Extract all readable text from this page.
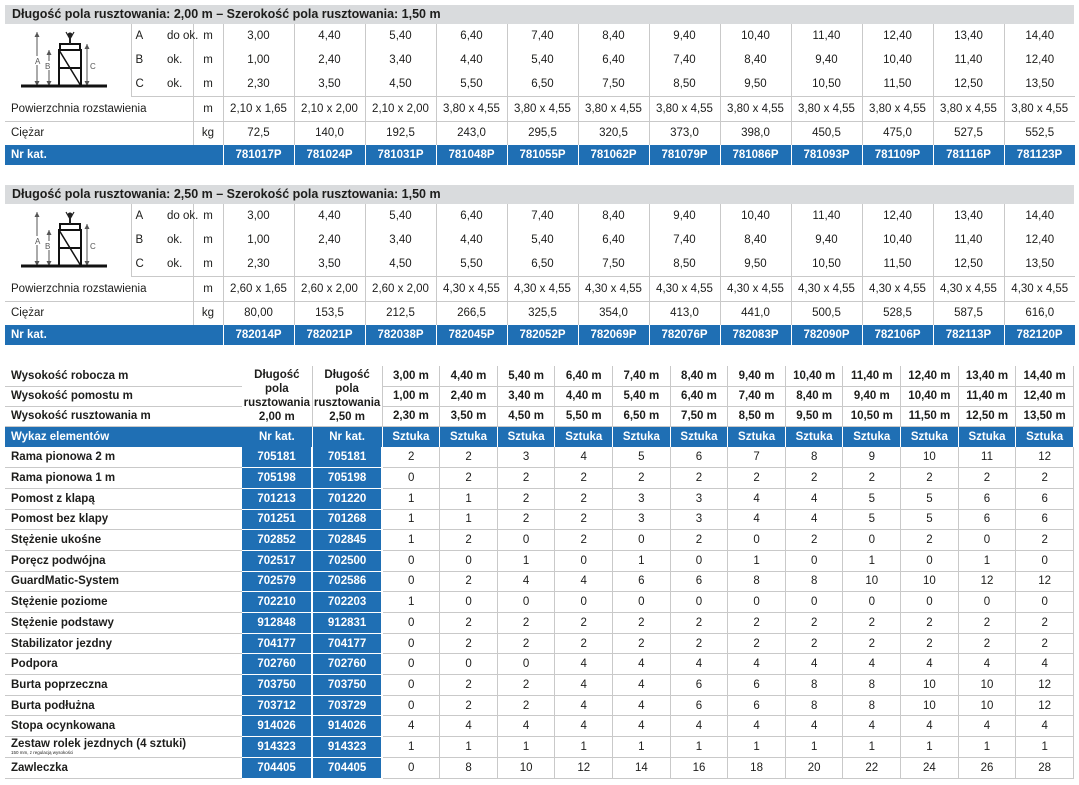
Długość pola rusztowania: 2,00 m – Szerokość pola rusztowania: 1,50 m
A
B C	A	do ok.	m	3,00	4,40	5,40	6,40	7,40	8,40	9,40	10,40	11,40	12,40	13,40	14,40
	B	ok.	m	1,00	2,40	3,40	4,40	5,40	6,40	7,40	8,40	9,40	10,40	11,40	12,40
	C	ok.	m	2,30	3,50	4,50	5,50	6,50	7,50	8,50	9,50	10,50	11,50	12,50	13,50
Powierzchnia rozstawienia			m	2,10 x 1,65	2,10 x 2,00	2,10 x 2,00	3,80 x 4,55	3,80 x 4,55	3,80 x 4,55	3,80 x 4,55	3,80 x 4,55	3,80 x 4,55	3,80 x 4,55	3,80 x 4,55	3,80 x 4,55
Ciężar			kg	72,5	140,0	192,5	243,0	295,5	320,5	373,0	398,0	450,5	475,0	527,5	552,5
Nr kat.				781017P	781024P	781031P	781048P	781055P	781062P	781079P	781086P	781093P	781109P	781116P	781123P
Długość pola rusztowania: 2,50 m – Szerokość pola rusztowania: 1,50 m
A
B C	A	do ok.	m	3,00	4,40	5,40	6,40	7,40	8,40	9,40	10,40	11,40	12,40	13,40	14,40
	B	ok.	m	1,00	2,40	3,40	4,40	5,40	6,40	7,40	8,40	9,40	10,40	11,40	12,40
	C	ok.	m	2,30	3,50	4,50	5,50	6,50	7,50	8,50	9,50	10,50	11,50	12,50	13,50
Powierzchnia rozstawienia			m	2,60 x 1,65	2,60 x 2,00	2,60 x 2,00	4,30 x 4,55	4,30 x 4,55	4,30 x 4,55	4,30 x 4,55	4,30 x 4,55	4,30 x 4,55	4,30 x 4,55	4,30 x 4,55	4,30 x 4,55
Ciężar			kg	80,00	153,5	212,5	266,5	325,5	354,0	413,0	441,0	500,5	528,5	587,5	616,0
Nr kat.				782014P	782021P	782038P	782045P	782052P	782069P	782076P	782083P	782090P	782106P	782113P	782120P
Wysokość robocza m	Długość pola rusztowania 2,00 m	Długość pola rusztowania 2,50 m	3,00 m	4,40 m	5,40 m	6,40 m	7,40 m	8,40 m	9,40 m	10,40 m	11,40 m	12,40 m	13,40 m	14,40 m
Wysokość pomostu m			1,00 m	2,40 m	3,40 m	4,40 m	5,40 m	6,40 m	7,40 m	8,40 m	9,40 m	10,40 m	11,40 m	12,40 m
Wysokość rusztowania m			2,30 m	3,50 m	4,50 m	5,50 m	6,50 m	7,50 m	8,50 m	9,50 m	10,50 m	11,50 m	12,50 m	13,50 m
Wykaz elementów	Nr kat.	Nr kat.	Sztuka	Sztuka	Sztuka	Sztuka	Sztuka	Sztuka	Sztuka	Sztuka	Sztuka	Sztuka	Sztuka	Sztuka
Rama pionowa 2 m	705181	705181	2	2	3	4	5	6	7	8	9	10	11	12
Rama pionowa 1 m	705198	705198	0	2	2	2	2	2	2	2	2	2	2	2
Pomost z klapą	701213	701220	1	1	2	2	3	3	4	4	5	5	6	6
Pomost bez klapy	701251	701268	1	1	2	2	3	3	4	4	5	5	6	6
Stężenie ukośne	702852	702845	1	2	0	2	0	2	0	2	0	2	0	2
Poręcz podwójna	702517	702500	0	0	1	0	1	0	1	0	1	0	1	0
GuardMatic-System	702579	702586	0	2	4	4	6	6	8	8	10	10	12	12
Stężenie poziome	702210	702203	1	0	0	0	0	0	0	0	0	0	0	0
Stężenie podstawy	912848	912831	0	2	2	2	2	2	2	2	2	2	2	2
Stabilizator jezdny	704177	704177	0	2	2	2	2	2	2	2	2	2	2	2
Podpora	702760	702760	0	0	0	4	4	4	4	4	4	4	4	4
Burta poprzeczna	703750	703750	0	2	2	4	4	6	6	8	8	10	10	12
Burta podłużna	703712	703729	0	2	2	4	4	6	6	8	8	10	10	12
Stopa ocynkowana	914026	914026	4	4	4	4	4	4	4	4	4	4	4	4

Zestaw rolek jezdnych (4 sztuki)
150 mm, z regulacją wysokości	914323	914323	1	1	1	1	1	1	1	1	1	1	1	1
Zawleczka	704405	704405	0	8	10	12	14	16	18	20	22	24	26	28
